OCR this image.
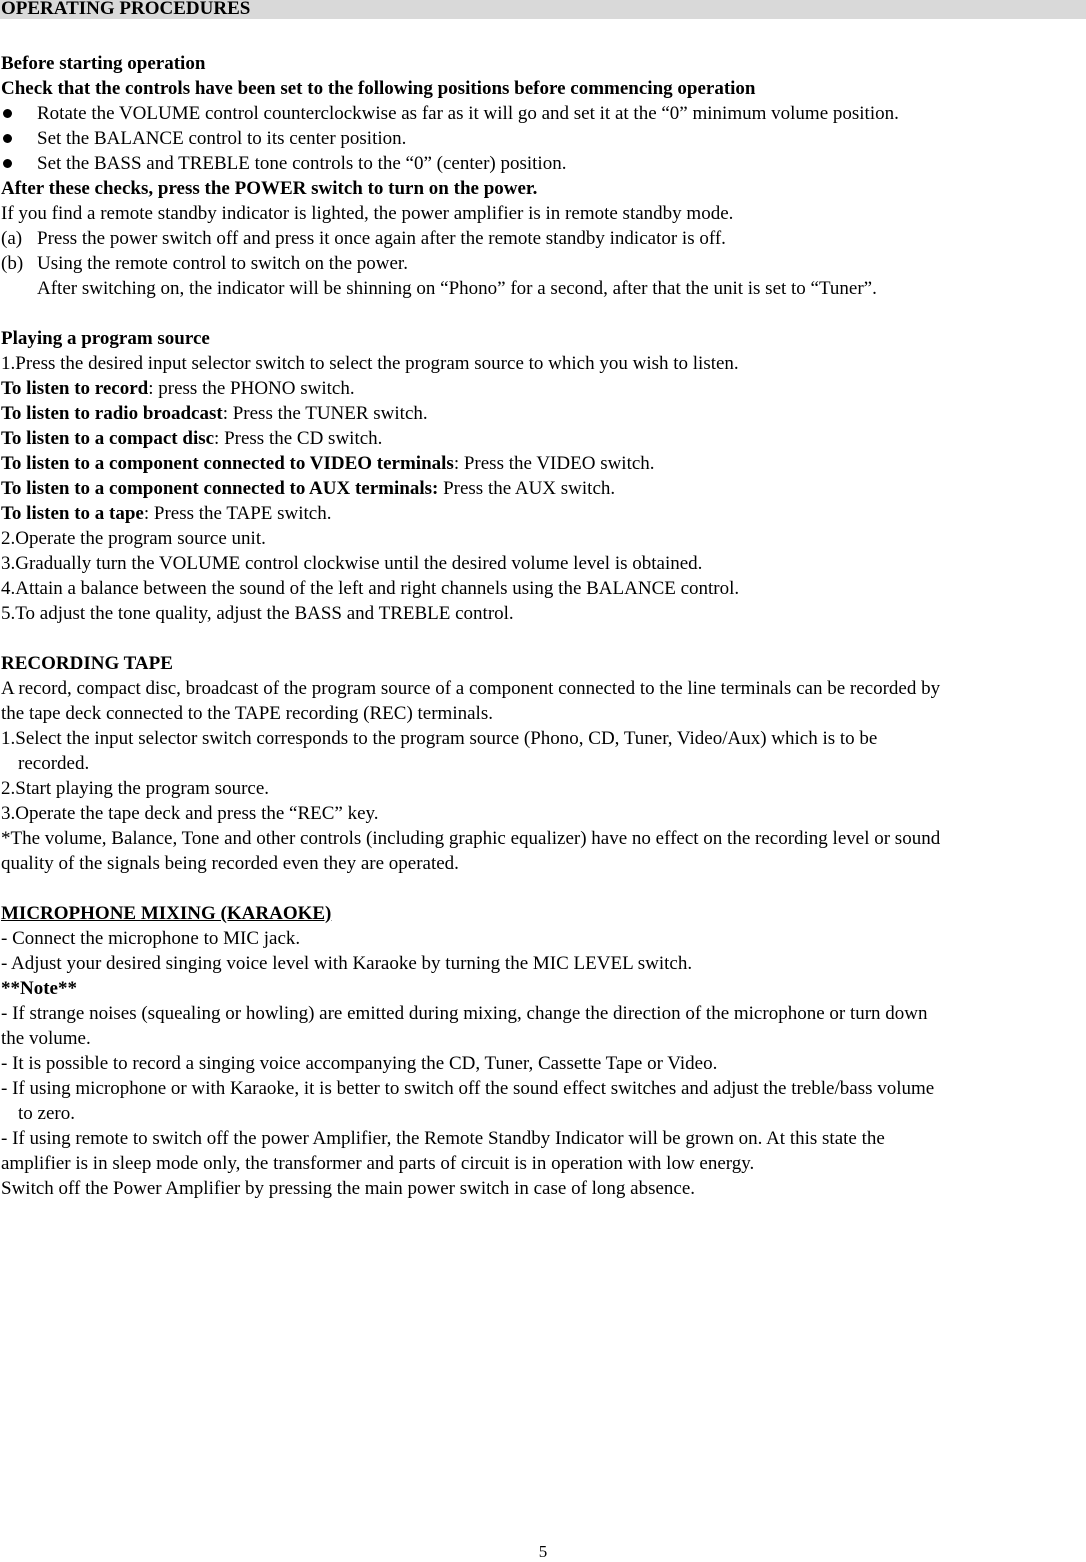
OPERATING PROCEDURES
Before starting operation
Check that the controls have been set to the following positions before commencing operation
Rotate the VOLUME control counterclockwise as far as it will go and set it at the “0” minimum volume position.
Set the BALANCE control to its center position.
Set the BASS and TREBLE tone controls to the “0” (center) position.
After these checks, press the POWER switch to turn on the power.
If you find a remote standby indicator is lighted, the power amplifier is in remote standby mode.
(a) Press the power switch off and press it once again after the remote standby indicator is off.
(b) Using the remote control to switch on the power.
After switching on, the indicator will be shinning on “Phono” for a second, after that the unit is set to “Tuner”.
Playing a program source
1.Press the desired input selector switch to select the program source to which you wish to listen.
To listen to record: press the PHONO switch.
To listen to radio broadcast: Press the TUNER switch.
To listen to a compact disc: Press the CD switch.
To listen to a component connected to VIDEO terminals: Press the VIDEO switch.
To listen to a component connected to AUX terminals: Press the AUX switch.
To listen to a tape: Press the TAPE switch.
2.Operate the program source unit.
3.Gradually turn the VOLUME control clockwise until the desired volume level is obtained.
4.Attain a balance between the sound of the left and right channels using the BALANCE control.
5.To adjust the tone quality, adjust the BASS and TREBLE control.
RECORDING TAPE
A record, compact disc, broadcast of the program source of a component connected to the line terminals can be recorded by
the tape deck connected to the TAPE recording (REC) terminals.
1.Select the input selector switch corresponds to the program source (Phono, CD, Tuner, Video/Aux) which is to be
recorded.
2.Start playing the program source.
3.Operate the tape deck and press the “REC” key.
*The volume, Balance, Tone and other controls (including graphic equalizer) have no effect on the recording level or sound
quality of the signals being recorded even they are operated.
MICROPHONE MIXING (KARAOKE)
- Connect the microphone to MIC jack.
- Adjust your desired singing voice level with Karaoke by turning the MIC LEVEL switch.
**Note**
- If strange noises (squealing or howling) are emitted during mixing, change the direction of the microphone or turn down
the volume.
- It is possible to record a singing voice accompanying the CD, Tuner, Cassette Tape or Video.
- If using microphone or with Karaoke, it is better to switch off the sound effect switches and adjust the treble/bass volume
to zero.
- If using remote to switch off the power Amplifier, the Remote Standby Indicator will be grown on. At this state the
amplifier is in sleep mode only, the transformer and parts of circuit is in operation with low energy.
Switch off the Power Amplifier by pressing the main power switch in case of long absence.
5
